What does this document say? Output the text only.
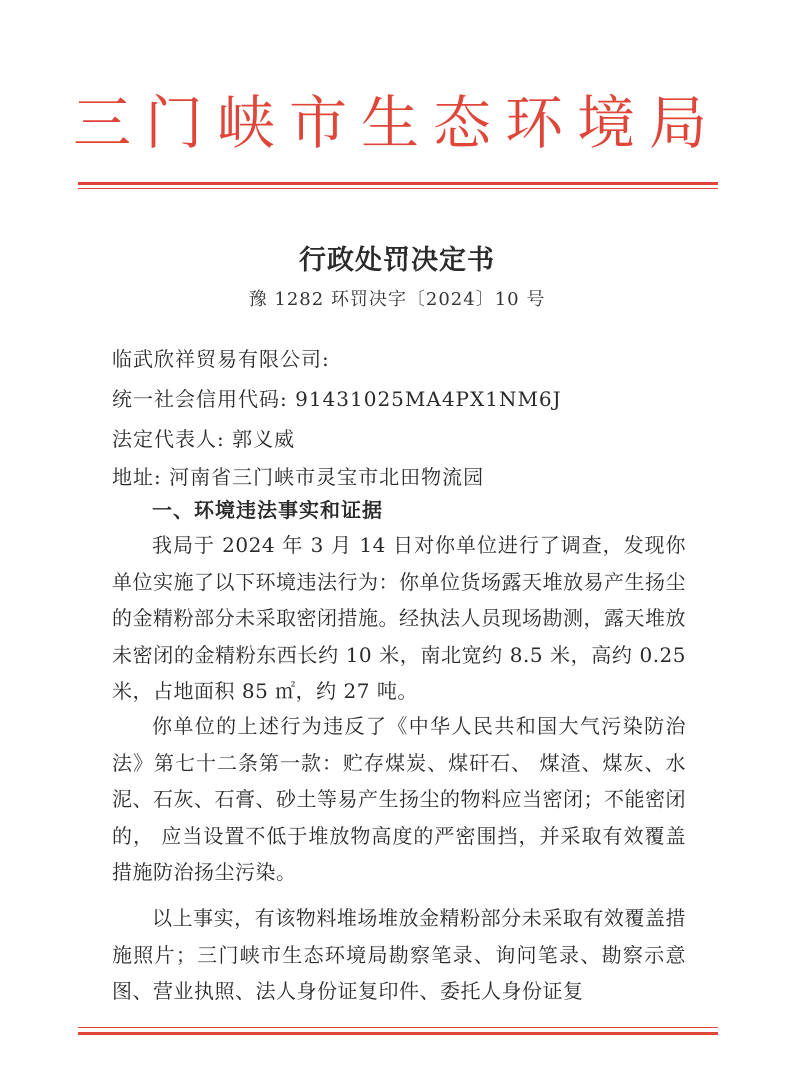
三门峡市生态环境局
行政处罚决定书
豫 1282 环罚决字〔2024〕10 号
临武欣祥贸易有限公司:
统一社会信用代码: 91431025MA4PX1NM6J
法定代表人: 郭义威
地址: 河南省三门峡市灵宝市北田物流园
一、环境违法事实和证据
我局于 2024 年 3 月 14 日对你单位进行了调查，发现你单位实施了以下环境违法行为：你单位货场露天堆放易产生扬尘的金精粉部分未采取密闭措施。经执法人员现场勘测，露天堆放未密闭的金精粉东西长约 10 米，南北宽约 8.5 米，高约 0.25 米，占地面积 85 ㎡，约 27 吨。
你单位的上述行为违反了《中华人民共和国大气污染防治法》第七十二条第一款：贮存煤炭、煤矸石、 煤渣、煤灰、水泥、石灰、石膏、砂土等易产生扬尘的物料应当密闭；不能密闭的， 应当设置不低于堆放物高度的严密围挡，并采取有效覆盖措施防治扬尘污染。
以上事实，有该物料堆场堆放金精粉部分未采取有效覆盖措施照片；三门峡市生态环境局勘察笔录、询问笔录、勘察示意图、营业执照、法人身份证复印件、委托人身份证复
